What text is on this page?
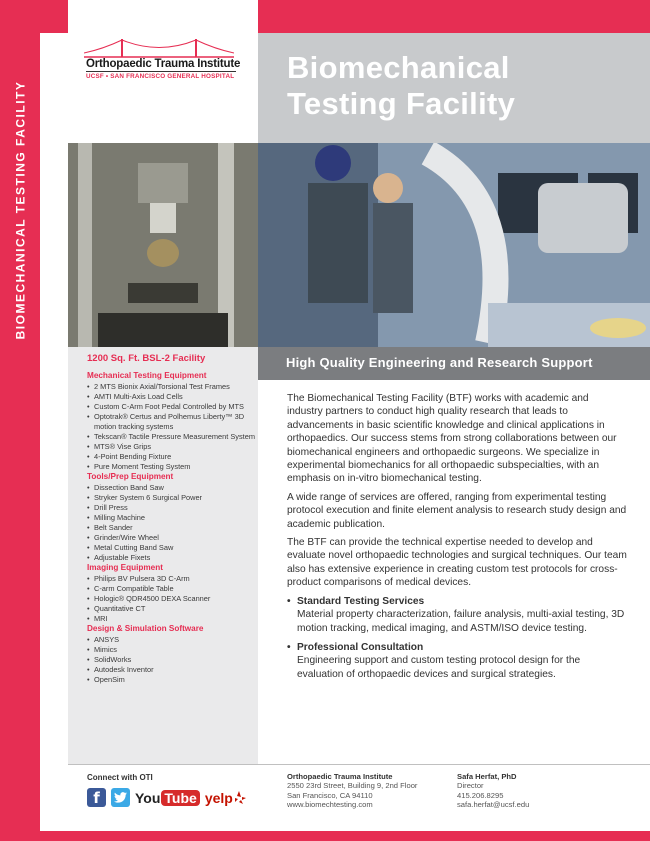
BIOMECHANICAL TESTING FACILITY
Orthopaedic Trauma Institute
UCSF • SAN FRANCISCO GENERAL HOSPITAL Biomechanical
Testing Facility
High Quality Engineering and Research Support
1200 Sq. Ft. BSL-2 Facility
Mechanical Testing Equipment
• 2 MTS Bionix Axial/Torsional Test Frames
• AMTI Multi-Axis Load Cells
• Custom C-Arm Foot Pedal Controlled by MTS
• Optotrak® Certus and Polhemus Liberty™ 3D motion tracking systems
• Tekscan® Tactile Pressure Measurement System
• MTS® Vise Grips
• 4-Point Bending Fixture
• Pure Moment Testing System
Tools/Prep Equipment
• Dissection Band Saw
• Stryker System 6 Surgical Power
• Drill Press
• Milling Machine
• Belt Sander
• Grinder/Wire Wheel
• Metal Cutting Band Saw
• Adjustable Fixets
Imaging Equipment
• Philips BV Pulsera 3D C-Arm
• C-arm Compatible Table
• Hologic® QDR4500 DEXA Scanner
• Quantitative CT
• MRI
Design & Simulation Software
• ANSYS
• Mimics
• SolidWorks
• Autodesk Inventor
• OpenSim

The Biomechanical Testing Facility (BTF) works with academic and industry partners to conduct high quality research that leads to advancements in basic scientific knowledge and clinical applications in orthopaedics. Our success stems from strong collaborations between our biomechanical engineers and orthopaedic surgeons. We specialize in experimental biomechanics for all orthopaedic subspecialties, with an emphasis on in-vitro biomechanical testing.

A wide range of services are offered, ranging from experimental testing protocol execution and finite element analysis to research study design and academic publication.

The BTF can provide the technical expertise needed to develop and evaluate novel orthopaedic technologies and surgical techniques. Our team also has extensive experience in creating custom test protocols for cross-product comparisons of medical devices.

• Standard Testing Services
Material property characterization, failure analysis, multi-axial testing, 3D motion tracking, medical imaging, and ASTM/ISO device testing.
• Professional Consultation
Engineering support and custom testing protocol design for the evaluation of orthopaedic devices and surgical strategies.
Connect with OTI
f	You Tube yelp
Orthopaedic Trauma Institute
2550 23rd Street, Building 9, 2nd Floor
San Francisco, CA 94110
www.biomechtesting.com
Safa Herfat, PhD
Director
415.206.8295
safa.herfat@ucsf.edu
